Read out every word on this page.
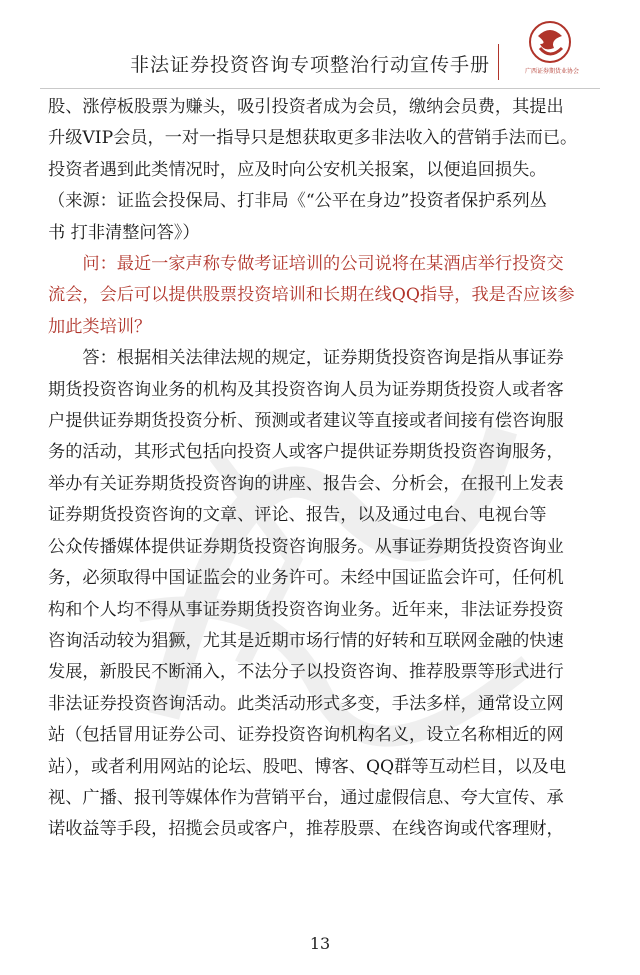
非法证券投资咨询专项整治行动宣传手册	广西证券期货业协会

股、涨停板股票为赚头，吸引投资者成为会员，缴纳会员费，其提出
升级VIP会员，一对一指导只是想获取更多非法收入的营销手法而已。
投资者遇到此类情况时，应及时向公安机关报案，以便追回损失。
（来源：证监会投保局、打非局《“公平在身边”投资者保护系列丛
书 打非清整问答》）

问：最近一家声称专做考证培训的公司说将在某酒店举行投资交
流会，会后可以提供股票投资培训和长期在线QQ指导，我是否应该参
加此类培训？

答：根据相关法律法规的规定，证券期货投资咨询是指从事证券
期货投资咨询业务的机构及其投资咨询人员为证券期货投资人或者客
户提供证券期货投资分析、预测或者建议等直接或者间接有偿咨询服
务的活动，其形式包括向投资人或客户提供证券期货投资咨询服务，
举办有关证券期货投资咨询的讲座、报告会、分析会，在报刊上发表
证券期货投资咨询的文章、评论、报告，以及通过电台、电视台等
公众传播媒体提供证券期货投资咨询服务。从事证券期货投资咨询业
务，必须取得中国证监会的业务许可。未经中国证监会许可，任何机
构和个人均不得从事证券期货投资咨询业务。近年来，非法证券投资
咨询活动较为猖獗，尤其是近期市场行情的好转和互联网金融的快速
发展，新股民不断涌入，不法分子以投资咨询、推荐股票等形式进行
非法证券投资咨询活动。此类活动形式多变，手法多样，通常设立网
站（包括冒用证券公司、证券投资咨询机构名义，设立名称相近的网
站），或者利用网站的论坛、股吧、博客、QQ群等互动栏目，以及电
视、广播、报刊等媒体作为营销平台，通过虚假信息、夸大宣传、承
诺收益等手段，招揽会员或客户，推荐股票、在线咨询或代客理财，

13
